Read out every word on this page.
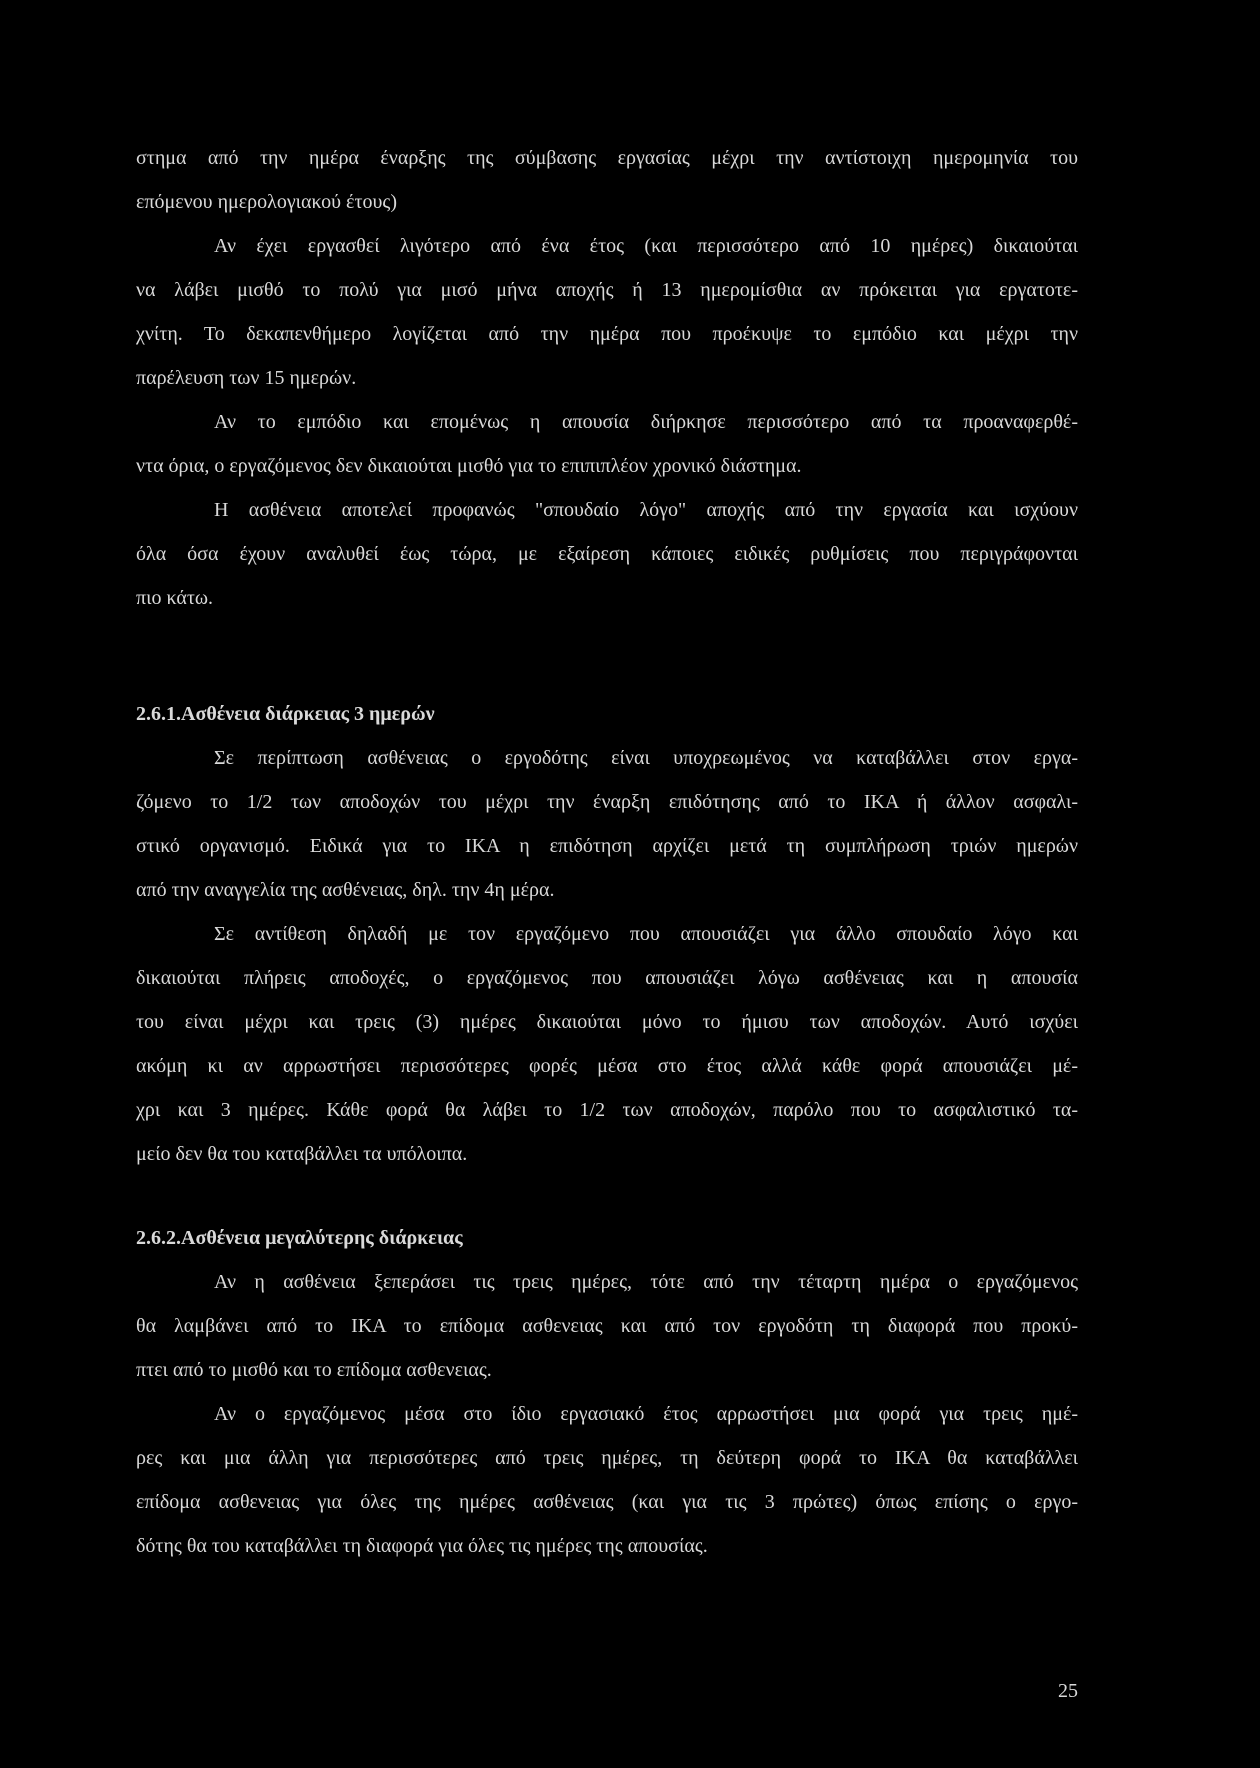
στημα από την ημέρα έναρξης της σύμβασης εργασίας μέχρι την αντίστοιχη ημερομηνία του
επόμενου ημερολογιακού έτους)
Αν έχει εργασθεί λιγότερο από ένα έτος (και περισσότερο από 10 ημέρες) δικαιούται
να λάβει μισθό το πολύ για μισό μήνα αποχής ή 13 ημερομίσθια αν πρόκειται για εργατοτε-
χνίτη. Το δεκαπενθήμερο λογίζεται από την ημέρα που προέκυψε το εμπόδιο και μέχρι την
παρέλευση των 15 ημερών.
Αν το εμπόδιο και επομένως η απουσία διήρκησε περισσότερο από τα προαναφερθέ-
ντα όρια, ο εργαζόμενος δεν δικαιούται μισθό για το επιπιπλέον χρονικό διάστημα.
Η ασθένεια αποτελεί προφανώς "σπουδαίο λόγο" αποχής από την εργασία και ισχύουν
όλα όσα έχουν αναλυθεί έως τώρα, με εξαίρεση κάποιες ειδικές ρυθμίσεις που περιγράφονται
πιο κάτω.
2.6.1.Ασθένεια διάρκειας 3 ημερών
Σε περίπτωση ασθένειας ο εργοδότης είναι υποχρεωμένος να καταβάλλει στον εργα-
ζόμενο το 1/2 των αποδοχών του μέχρι την έναρξη επιδότησης από το ΙΚΑ ή άλλον ασφαλι-
στικό οργανισμό. Ειδικά για το ΙΚΑ η επιδότηση αρχίζει μετά τη συμπλήρωση τριών ημερών
από την αναγγελία της ασθένειας, δηλ. την 4η μέρα.
Σε αντίθεση δηλαδή με τον εργαζόμενο που απουσιάζει για άλλο σπουδαίο λόγο και
δικαιούται πλήρεις αποδοχές, ο εργαζόμενος που απουσιάζει λόγω ασθένειας και η απουσία
του είναι μέχρι και τρεις (3) ημέρες δικαιούται μόνο το ήμισυ των αποδοχών. Αυτό ισχύει
ακόμη κι αν αρρωστήσει περισσότερες φορές μέσα στο έτος αλλά κάθε φορά απουσιάζει μέ-
χρι και 3 ημέρες. Κάθε φορά θα λάβει το 1/2 των αποδοχών, παρόλο που το ασφαλιστικό τα-
μείο δεν θα του καταβάλλει τα υπόλοιπα.
2.6.2.Ασθένεια μεγαλύτερης διάρκειας
Αν η ασθένεια ξεπεράσει τις τρεις ημέρες, τότε από την τέταρτη ημέρα ο εργαζόμενος
θα λαμβάνει από το ΙΚΑ το επίδομα ασθενειας και από τον εργοδότη τη διαφορά που προκύ-
πτει από το μισθό και το επίδομα ασθενειας.
Αν ο εργαζόμενος μέσα στο ίδιο εργασιακό έτος αρρωστήσει μια φορά για τρεις ημέ-
ρες και μια άλλη για περισσότερες από τρεις ημέρες, τη δεύτερη φορά το ΙΚΑ θα καταβάλλει
επίδομα ασθενειας για όλες της ημέρες ασθένειας (και για τις 3 πρώτες) όπως επίσης ο εργο-
δότης θα του καταβάλλει τη διαφορά για όλες τις ημέρες της απουσίας.
25
